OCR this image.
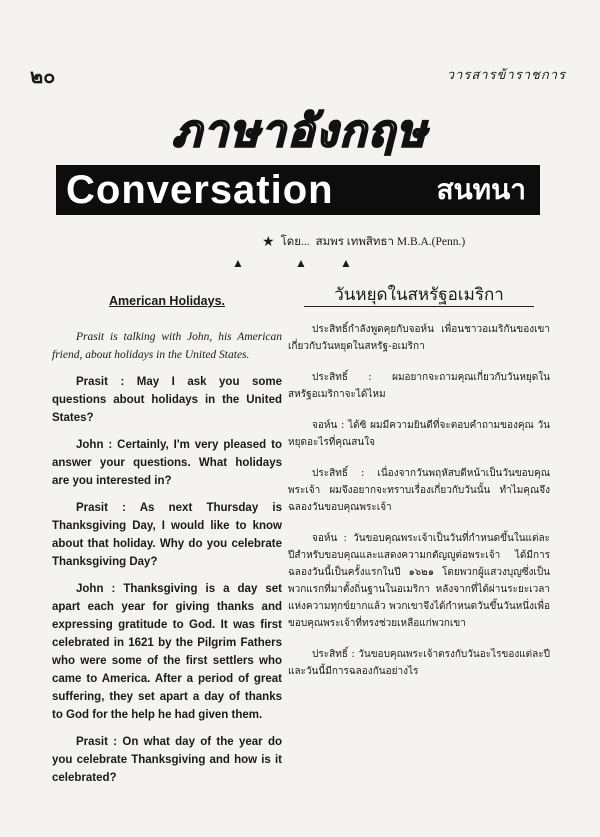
๒๐	วารสารข้าราชการ
ภาษาอังกฤษ
Conversation	สนทนา
★ โดย... สมพร เทพสิทธา M.B.A.(Penn.)
▲	▲	▲
American Holidays.

Prasit is talking with John, his American friend, about holidays in the United States.

Prasit : May I ask you some questions about holidays in the United States?

John : Certainly, I'm very pleased to answer your questions. What holidays are you interested in?

Prasit : As next Thursday is Thanksgiving Day, I would like to know about that holiday. Why do you celebrate Thanksgiving Day?

John : Thanksgiving is a day set apart each year for giving thanks and expressing gratitude to God. It was first celebrated in 1621 by the Pilgrim Fathers who were some of the first settlers who came to America. After a period of great suffering, they set apart a day of thanks to God for the help he had given them.

Prasit : On what day of the year do you celebrate Thanksgiving and how is it celebrated?

วันหยุดในสหรัฐอเมริกา

ประสิทธิ์กำลังพูดคุยกับจอห์น เพื่อนชาวอเมริกันของเขา เกี่ยวกับวันหยุดในสหรัฐ-อเมริกา

ประสิทธิ์ : ผมอยากจะถามคุณเกี่ยวกับวันหยุดในสหรัฐอเมริกาจะได้ไหม

จอห์น : ได้ซิ ผมมีความยินดีที่จะตอบคำถามของคุณ วันหยุดอะไรที่คุณสนใจ

ประสิทธิ์ : เนื่องจากวันพฤหัสบดีหน้าเป็นวันขอบคุณพระเจ้า ผมจึงอยากจะทราบเรื่องเกี่ยวกับวันนั้น ทำไมคุณจึงฉลองวันขอบคุณพระเจ้า

จอห์น : วันขอบคุณพระเจ้าเป็นวันที่กำหนดขึ้นในแต่ละปีสำหรับขอบคุณและแสดงความกตัญญูต่อพระเจ้า ได้มีการฉลองวันนี้เป็นครั้งแรกในปี ๑๖๒๑ โดยพวกผู้แสวงบุญซึ่งเป็นพวกแรกที่มาตั้งถิ่นฐานในอเมริกา หลังจากที่ได้ผ่านระยะเวลาแห่งความทุกข์ยากแล้ว พวกเขาจึงได้กำหนดวันขึ้นวันหนึ่งเพื่อขอบคุณพระเจ้าที่ทรงช่วยเหลือแก่พวกเขา

ประสิทธิ์ : วันขอบคุณพระเจ้าตรงกับวันอะไรของแต่ละปี และวันนี้มีการฉลองกันอย่างไร
